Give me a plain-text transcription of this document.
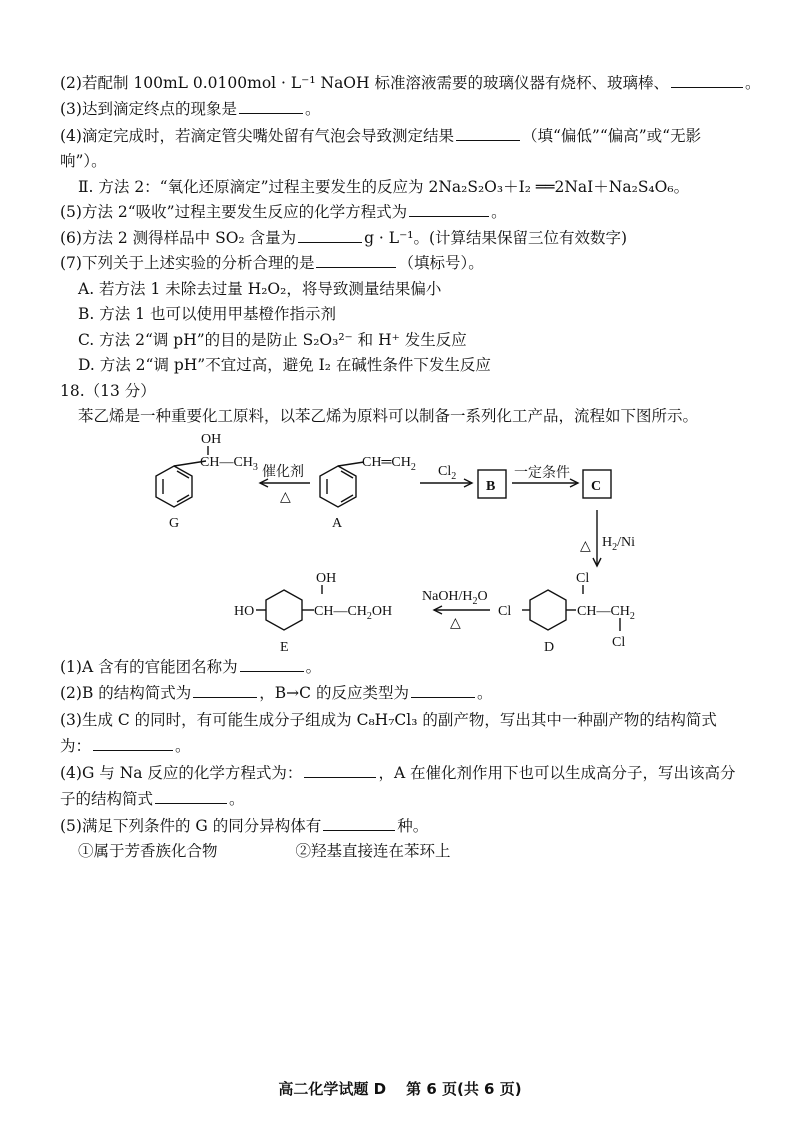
(2)若配制 100mL 0.0100mol · L⁻¹ NaOH 标准溶液需要的玻璃仪器有烧杯、玻璃棒、	。
(3)达到滴定终点的现象是	。
(4)滴定完成时，若滴定管尖嘴处留有气泡会导致测定结果	（填“偏低”“偏高”或“无影
响”）。
Ⅱ. 方法 2：“氧化还原滴定”过程主要发生的反应为 2Na₂S₂O₃＋I₂ ══2NaI＋Na₂S₄O₆。
(5)方法 2“吸收”过程主要发生反应的化学方程式为	。
(6)方法 2 测得样品中 SO₂ 含量为	g · L⁻¹。(计算结果保留三位有效数字)
(7)下列关于上述实验的分析合理的是	（填标号）。
A. 若方法 1 未除去过量 H₂O₂，将导致测量结果偏小
B. 方法 1 也可以使用甲基橙作指示剂
C. 方法 2“调 pH”的目的是防止 S₂O₃²⁻ 和 H⁺ 发生反应
D. 方法 2“调 pH”不宜过高，避免 I₂ 在碱性条件下发生反应
18.（13 分）
苯乙烯是一种重要化工原料，以苯乙烯为原料可以制备一系列化工产品，流程如下图所示。
OH
$CH—CH_3$
G
催化剂
△
$CH═CH_2$
A
$Cl_2$
B
一定条件
C
$H_2/Ni$
△
HO
OH
$CH—CH_2OH$
E
NaOH/$H_2O$
△
Cl
Cl
$CH—CH_2$
Cl
D
(1)A 含有的官能团名称为	。
(2)B 的结构简式为	，B→C 的反应类型为	。
(3)生成 C 的同时，有可能生成分子组成为 C₈H₇Cl₃ 的副产物，写出其中一种副产物的结构简式
为：	。
(4)G 与 Na 反应的化学方程式为：	，A 在催化剂作用下也可以生成高分子，写出该高分
子的结构简式	。
(5)满足下列条件的 G 的同分异构体有	种。
①属于芳香族化合物	②羟基直接连在苯环上
高二化学试题 D 第 6 页(共 6 页)
